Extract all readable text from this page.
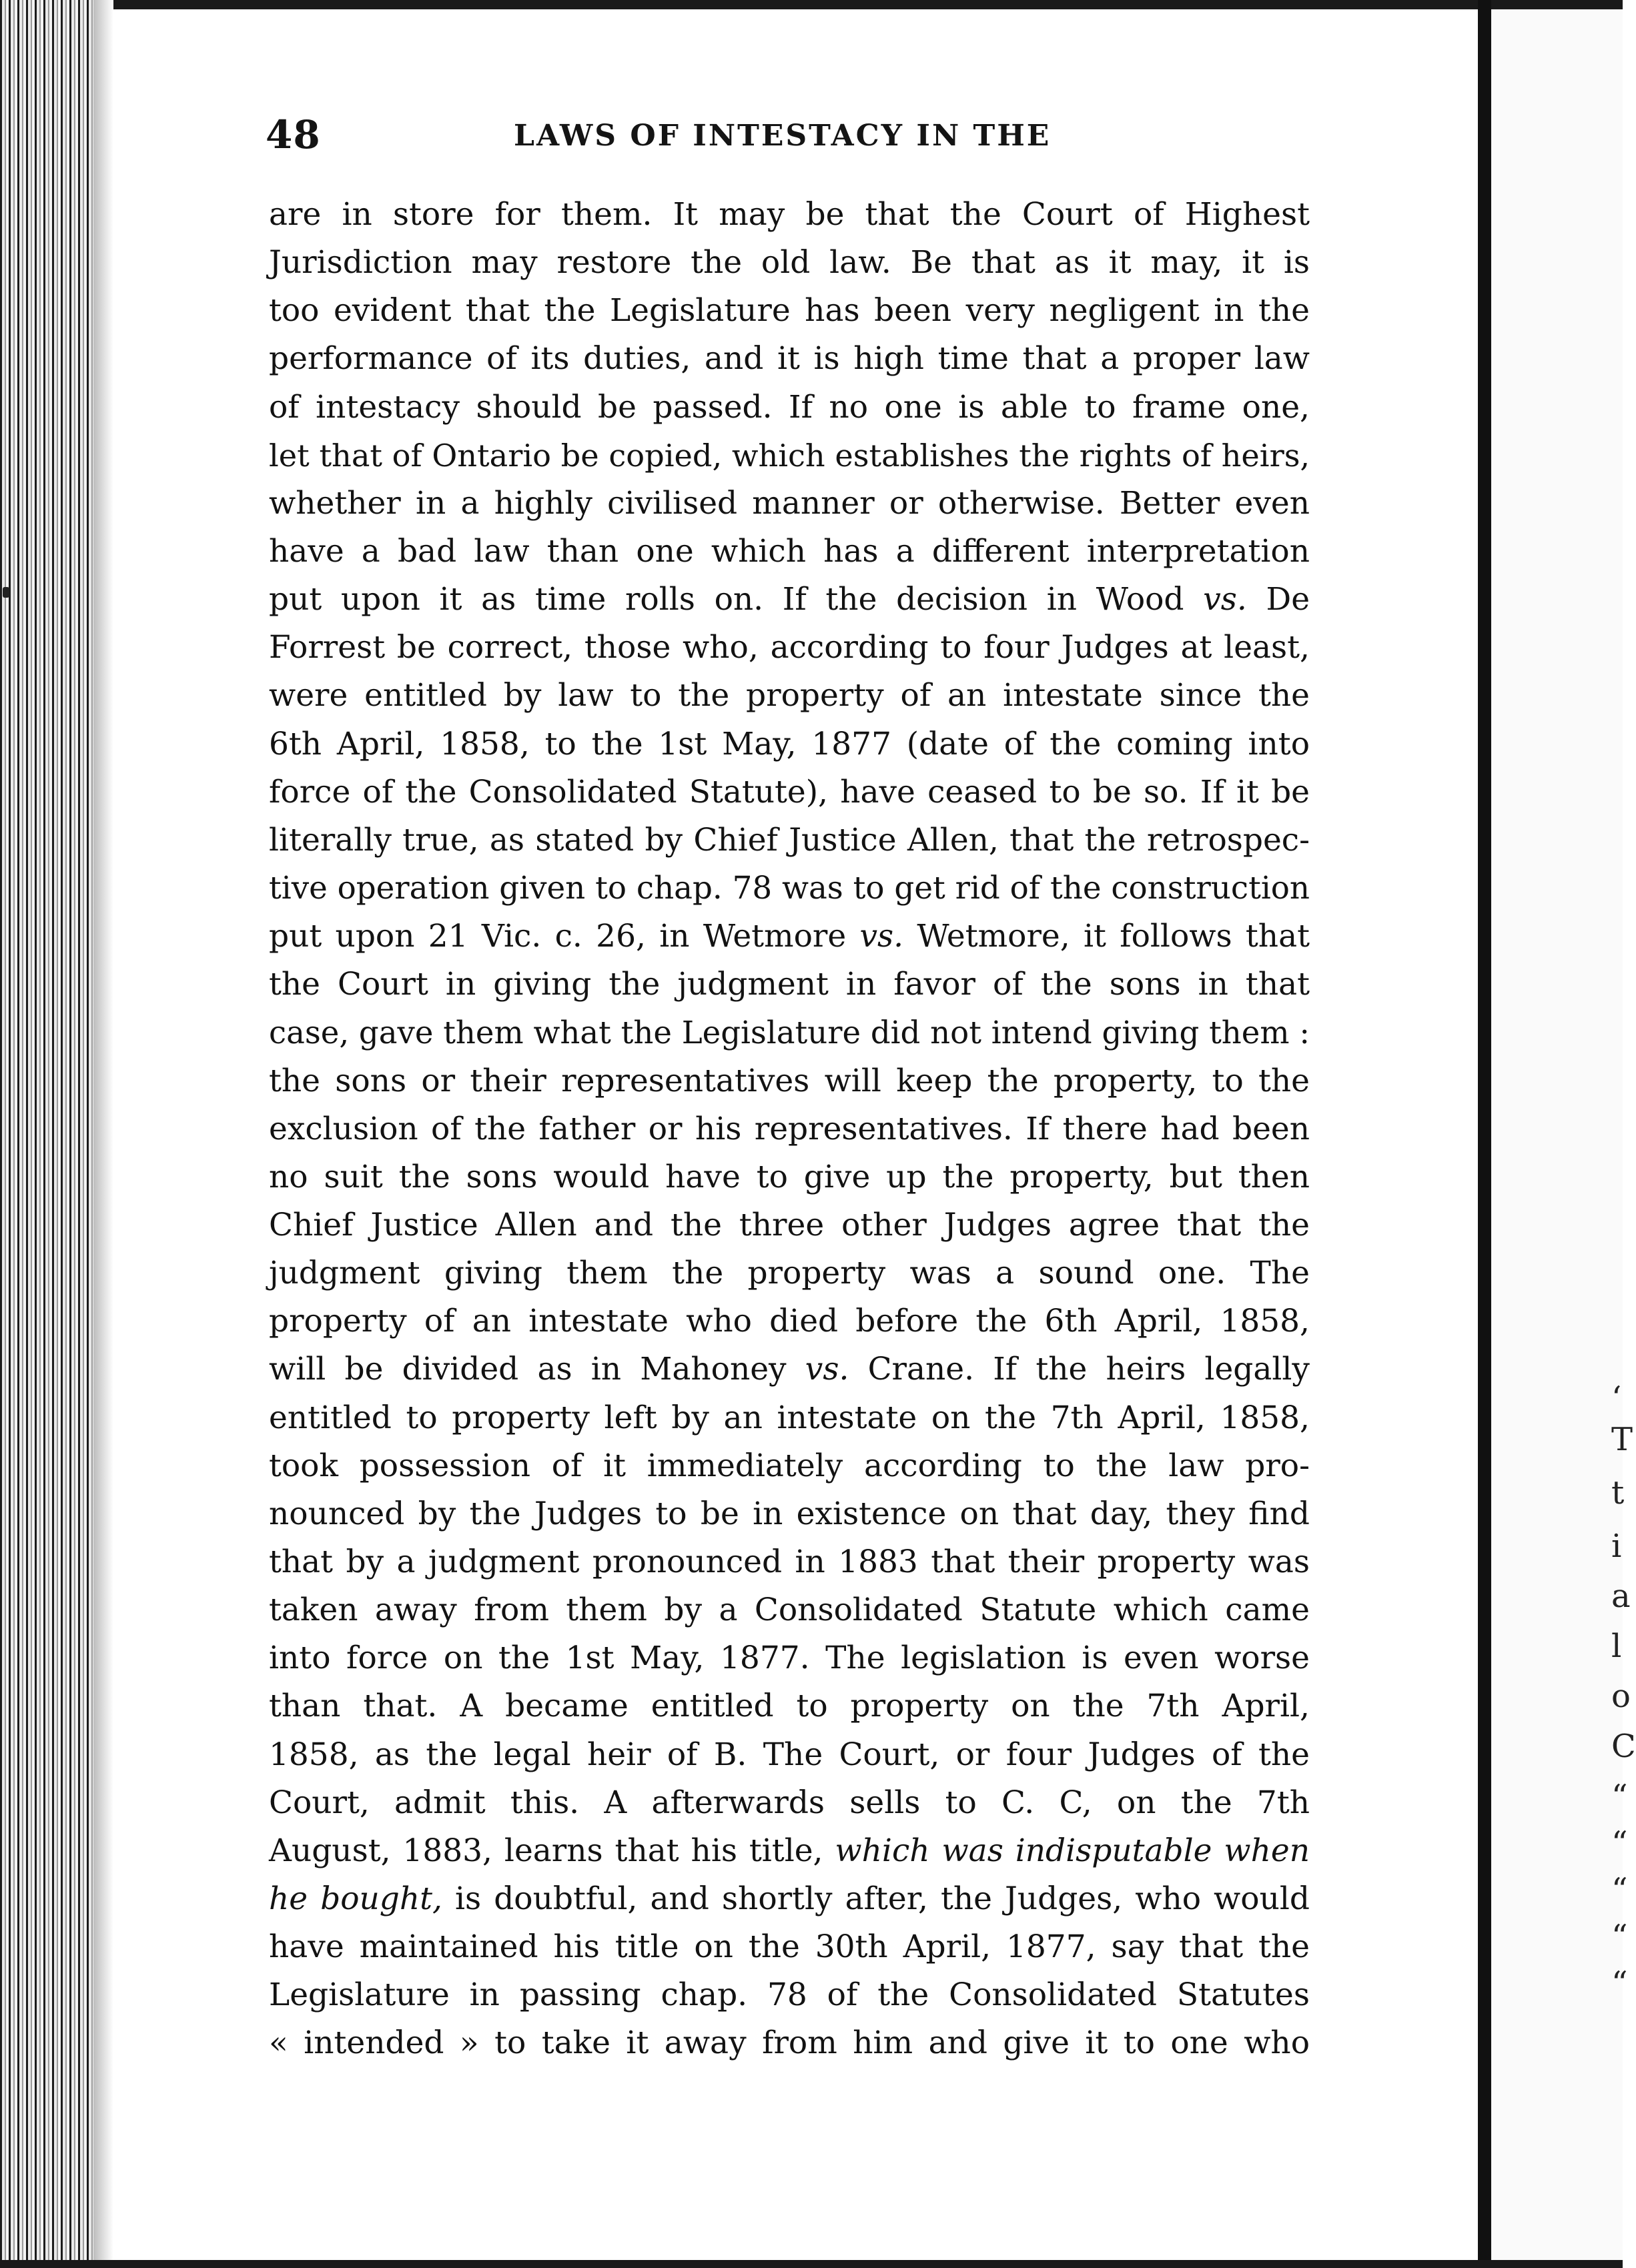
‘
T
t
i
a
l
o
C
“
“
“
“
“
48	LAWS OF INTESTACY IN THE
are in store for them. It may be that the Court of Highest
Jurisdiction may restore the old law. Be that as it may, it is
too evident that the Legislature has been very negligent in the
performance of its duties, and it is high time that a proper law
of intestacy should be passed. If no one is able to frame one,
let that of Ontario be copied, which establishes the rights of heirs,
whether in a highly civilised manner or otherwise. Better even
have a bad law than one which has a different interpretation
put upon it as time rolls on. If the decision in Wood vs. De
Forrest be correct, those who, according to four Judges at least,
were entitled by law to the property of an intestate since the
6th April, 1858, to the 1st May, 1877 (date of the coming into
force of the Consolidated Statute), have ceased to be so. If it be
literally true, as stated by Chief Justice Allen, that the retrospec-
tive operation given to chap. 78 was to get rid of the construction
put upon 21 Vic. c. 26, in Wetmore vs. Wetmore, it follows that
the Court in giving the judgment in favor of the sons in that
case, gave them what the Legislature did not intend giving them :
the sons or their representatives will keep the property, to the
exclusion of the father or his representatives. If there had been
no suit the sons would have to give up the property, but then
Chief Justice Allen and the three other Judges agree that the
judgment giving them the property was a sound one. The
property of an intestate who died before the 6th April, 1858,
will be divided as in Mahoney vs. Crane. If the heirs legally
entitled to property left by an intestate on the 7th April, 1858,
took possession of it immediately according to the law pro-
nounced by the Judges to be in existence on that day, they find
that by a judgment pronounced in 1883 that their property was
taken away from them by a Consolidated Statute which came
into force on the 1st May, 1877. The legislation is even worse
than that. A became entitled to property on the 7th April,
1858, as the legal heir of B. The Court, or four Judges of the
Court, admit this. A afterwards sells to C. C, on the 7th
August, 1883, learns that his title, which was indisputable when
he bought, is doubtful, and shortly after, the Judges, who would
have maintained his title on the 30th April, 1877, say that the
Legislature in passing chap. 78 of the Consolidated Statutes
« intended » to take it away from him and give it to one who
